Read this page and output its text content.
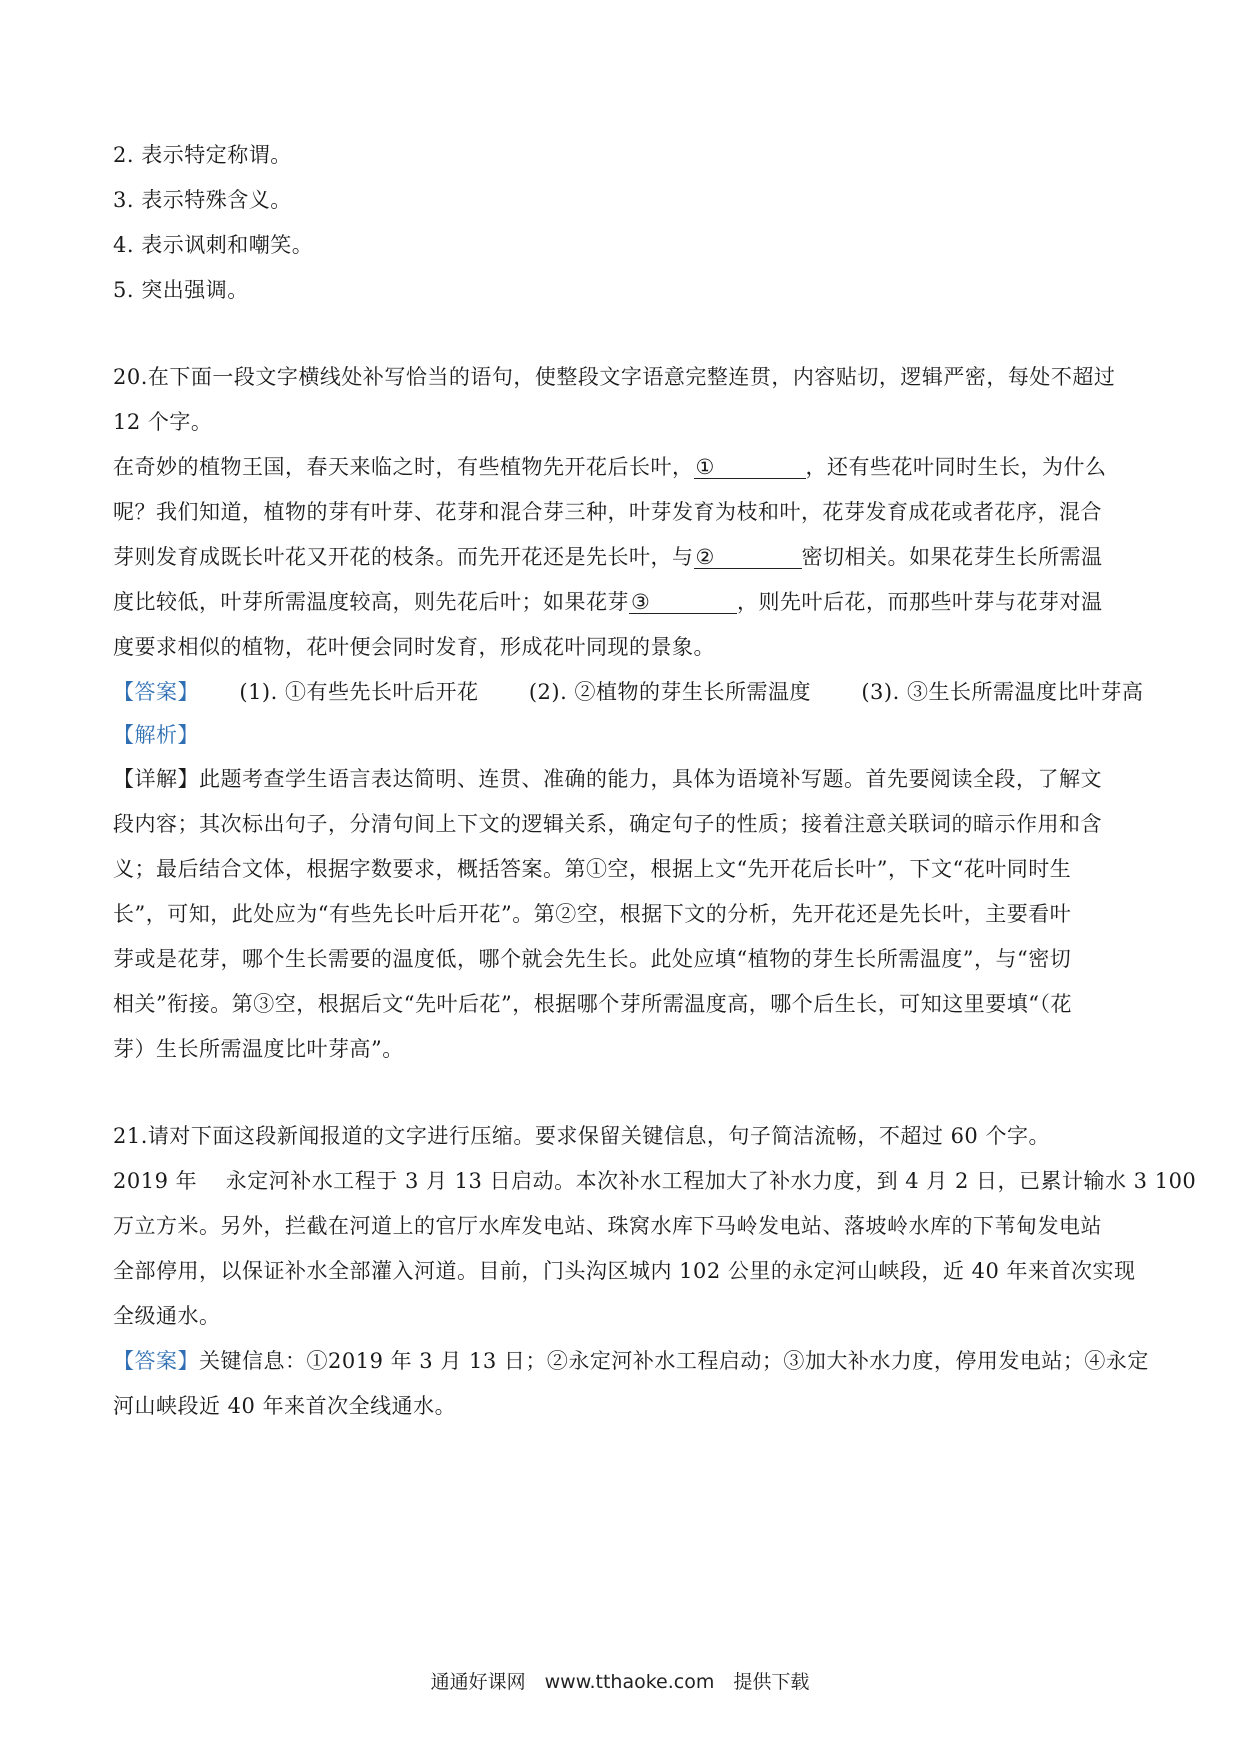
2. 表示特定称谓。
3. 表示特殊含义。
4. 表示讽刺和嘲笑。
5. 突出强调。
20.在下面一段文字横线处补写恰当的语句，使整段文字语意完整连贯，内容贴切，逻辑严密，每处不超过
12 个字。
在奇妙的植物王国，春天来临之时，有些植物先开花后长叶，①	，还有些花叶同时生长，为什么
呢？我们知道，植物的芽有叶芽、花芽和混合芽三种，叶芽发育为枝和叶，花芽发育成花或者花序，混合
芽则发育成既长叶花又开花的枝条。而先开花还是先长叶，与②	密切相关。如果花芽生长所需温
度比较低，叶芽所需温度较高，则先花后叶；如果花芽③	，则先叶后花，而那些叶芽与花芽对温
度要求相似的植物，花叶便会同时发育，形成花叶同现的景象。
【答案】 (1). ①有些先长叶后开花 (2). ②植物的芽生长所需温度 (3). ③生长所需温度比叶芽高
【解析】
【详解】此题考查学生语言表达简明、连贯、准确的能力，具体为语境补写题。首先要阅读全段，了解文
段内容；其次标出句子，分清句间上下文的逻辑关系，确定句子的性质；接着注意关联词的暗示作用和含
义；最后结合文体，根据字数要求，概括答案。第①空，根据上文“先开花后长叶”，下文“花叶同时生
长”，可知，此处应为“有些先长叶后开花”。第②空，根据下文的分析，先开花还是先长叶，主要看叶
芽或是花芽，哪个生长需要的温度低，哪个就会先生长。此处应填“植物的芽生长所需温度”，与“密切
相关”衔接。第③空，根据后文“先叶后花”，根据哪个芽所需温度高，哪个后生长，可知这里要填“（花
芽）生长所需温度比叶芽高”。
21.请对下面这段新闻报道的文字进行压缩。要求保留关键信息，句子简洁流畅，不超过 60 个字。
2019 年　 永定河补水工程于 3 月 13 日启动。本次补水工程加大了补水力度，到 4 月 2 日，已累计输水 3 100
万立方米。另外，拦截在河道上的官厅水库发电站、珠窝水库下马岭发电站、落坡岭水库的下苇甸发电站
全部停用，以保证补水全部灌入河道。目前，门头沟区城内 102 公里的永定河山峡段，近 40 年来首次实现
全级通水。
【答案】关键信息：①2019 年 3 月 13 日；②永定河补水工程启动；③加大补水力度，停用发电站；④永定
河山峡段近 40 年来首次全线通水。
通通好课网　www.tthaoke.com　提供下载
